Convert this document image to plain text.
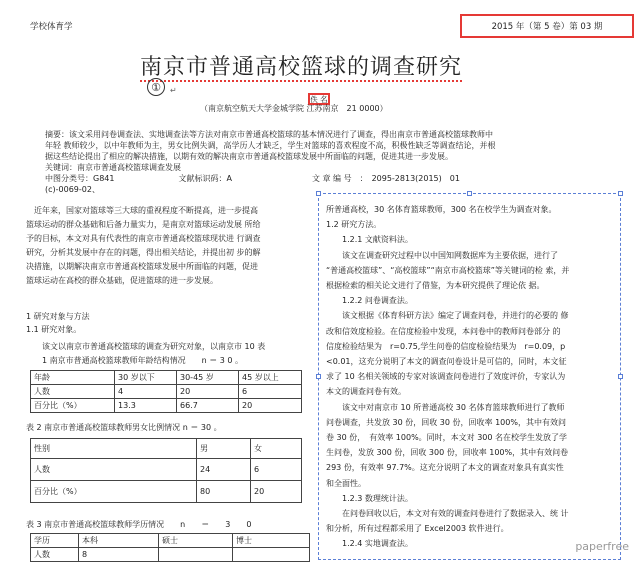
学校体育学	2015 年（第 5 卷）第 03 期
南京市普通高校篮球的调查研究
①	↵
佚 名
（南京航空航天大学金城学院 江苏南京　21 0000）

摘要：该文采用问卷调查法、实地调查法等方法对南京市普通高校篮球的基本情况进行了调查，得出南京市普通高校篮球教师中

年轻 教师较少，以中年教师为主，男女比例失调，高学历人才缺乏，学生对篮球的喜欢程度不高，积极性缺乏等调查结论，并根

据这些结论提出了相应的解决措施，以期有效的解决南京市普通高校篮球发展中所面临的问题，促进其进一步发展。

关键词：南京市普通高校篮球调查发展

中图分类号：G841　　　　　　　　文献标识码：A　　　　　　　　　　文 章 编 号　：　2095-2813(2015)　01

(c)-0069-02、

　近年来，国家对篮球等三大球的重视程度不断提高，进一步提高

篮球运动的群众基础和后备力量实力，是南京对篮球运动发展 所给

予的目标，本文对具有代表性的南京市普通高校篮球现状进 行调查

研究，分析其发展中存在的问题，得出相关结论，并提出初 步的解

决措施，以期解决南京市普通高校篮球发展中所面临的问题，促进

篮球运动在高校的群众基础，促进篮球的进一步发展。

1 研究对象与方法
1.1 研究对象。
　　该文以南京市普通高校篮球的调查为研究对象，以南京市 10 表
　　1 南京市普通高校篮球教师年龄结构情况　　n ＝ 3 0 。
年龄	30 岁以下	30-45 岁	45 岁以上
人数	4	20	6
百分比（%）	13.3	66.7	20
表 2 南京市普通高校篮球教师男女比例情况 n ＝ 30 。
性别	男	女
人数	24	6
百分比（%）	80	20
表 3 南京市普通高校篮球教师学历情况　　n　　＝　　3　　0
学历	本科	硕士	博士
人数	8		

所普通高校，30 名体育篮球教师，300 名在校学生为调查对象。

1.2 研究方法。

　　1.2.1 文献资料法。

　　该文在调查研究过程中以中国知网数据库为主要依据，进行了

“普通高校篮球”、“高校篮球”“南京市高校篮球”等关键词的检 索，并

根据检索的相关论文进行了借鉴，为本研究提供了理论依 据。

　　1.2.2 问卷调查法。

　　该文根据《体育科研方法》编定了调查问卷，并进行的必要的 修

改和信效度检验。在信度检验中发现，本问卷中的教师问卷部分 的

信度检验结果为　r=0.75,学生问卷的信度检验结果为　r=0.09，p

<0.01，这充分说明了本文的调查问卷设计是可信的，同时，本文征

求了 10 名相关领域的专家对该调查问卷进行了效度评价，专家认为

本文的调查问卷有效。

　　该文中对南京市 10 所普通高校 30 名体育篮球教师进行了教师

问卷调查，共发放 30 份，回收 30 份，回收率 100%，其中有效问

卷 30 份，　有效率 100%。同时，本文对 300 名在校学生发放了学

生问卷，发放 300 份，回收 300 份，回收率 100%，其中有效问卷

293 份，有效率 97.7%。这充分说明了本文的调查对象具有真实性

和全面性。

　　1.2.3 数理统计法。

　　在问卷回收以后，本文对有效的调查问卷进行了数据录入、统 计

和分析，所有过程都采用了 Excel2003 软件进行。

　　1.2.4 实地调查法。	paperfree
